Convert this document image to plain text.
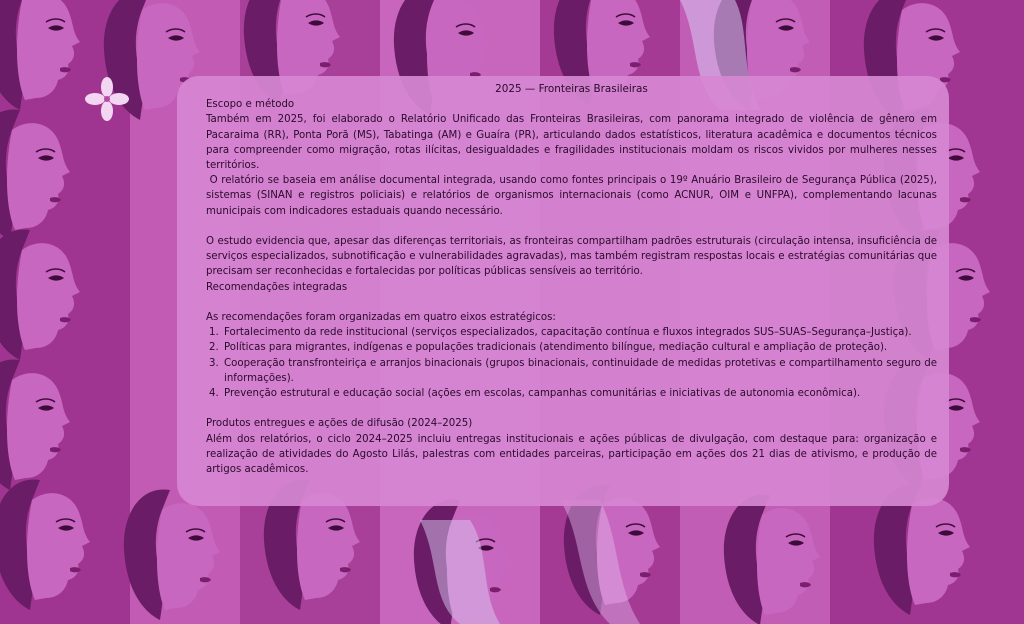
2025 — Fronteiras Brasileiras
Escopo e método

Também em 2025, foi elaborado o Relatório Unificado das Fronteiras Brasileiras, com panorama integrado de violência de gênero em Pacaraima (RR), Ponta Porã (MS), Tabatinga (AM) e Guaíra (PR), articulando dados estatísticos, literatura acadêmica e documentos técnicos para compreender como migração, rotas ilícitas, desigualdades e fragilidades institucionais moldam os riscos vividos por mulheres nesses territórios.

O relatório se baseia em análise documental integrada, usando como fontes principais o 19º Anuário Brasileiro de Segurança Pública (2025), sistemas (SINAN e registros policiais) e relatórios de organismos internacionais (como ACNUR, OIM e UNFPA), complementando lacunas municipais com indicadores estaduais quando necessário.

O estudo evidencia que, apesar das diferenças territoriais, as fronteiras compartilham padrões estruturais (circulação intensa, insuficiência de serviços especializados, subnotificação e vulnerabilidades agravadas), mas também registram respostas locais e estratégias comunitárias que precisam ser reconhecidas e fortalecidas por políticas públicas sensíveis ao território.

Recomendações integradas

As recomendações foram organizadas em quatro eixos estratégicos:

1. Fortalecimento da rede institucional (serviços especializados, capacitação contínua e fluxos integrados SUS–SUAS–Segurança–Justiça).
2. Políticas para migrantes, indígenas e populações tradicionais (atendimento bilíngue, mediação cultural e ampliação de proteção).
3. Cooperação transfronteiriça e arranjos binacionais (grupos binacionais, continuidade de medidas protetivas e compartilhamento seguro de informações).
4. Prevenção estrutural e educação social (ações em escolas, campanhas comunitárias e iniciativas de autonomia econômica).
Produtos entregues e ações de difusão (2024–2025)

Além dos relatórios, o ciclo 2024–2025 incluiu entregas institucionais e ações públicas de divulgação, com destaque para: organização e realização de atividades do Agosto Lilás, palestras com entidades parceiras, participação em ações dos 21 dias de ativismo, e produção de artigos acadêmicos.
